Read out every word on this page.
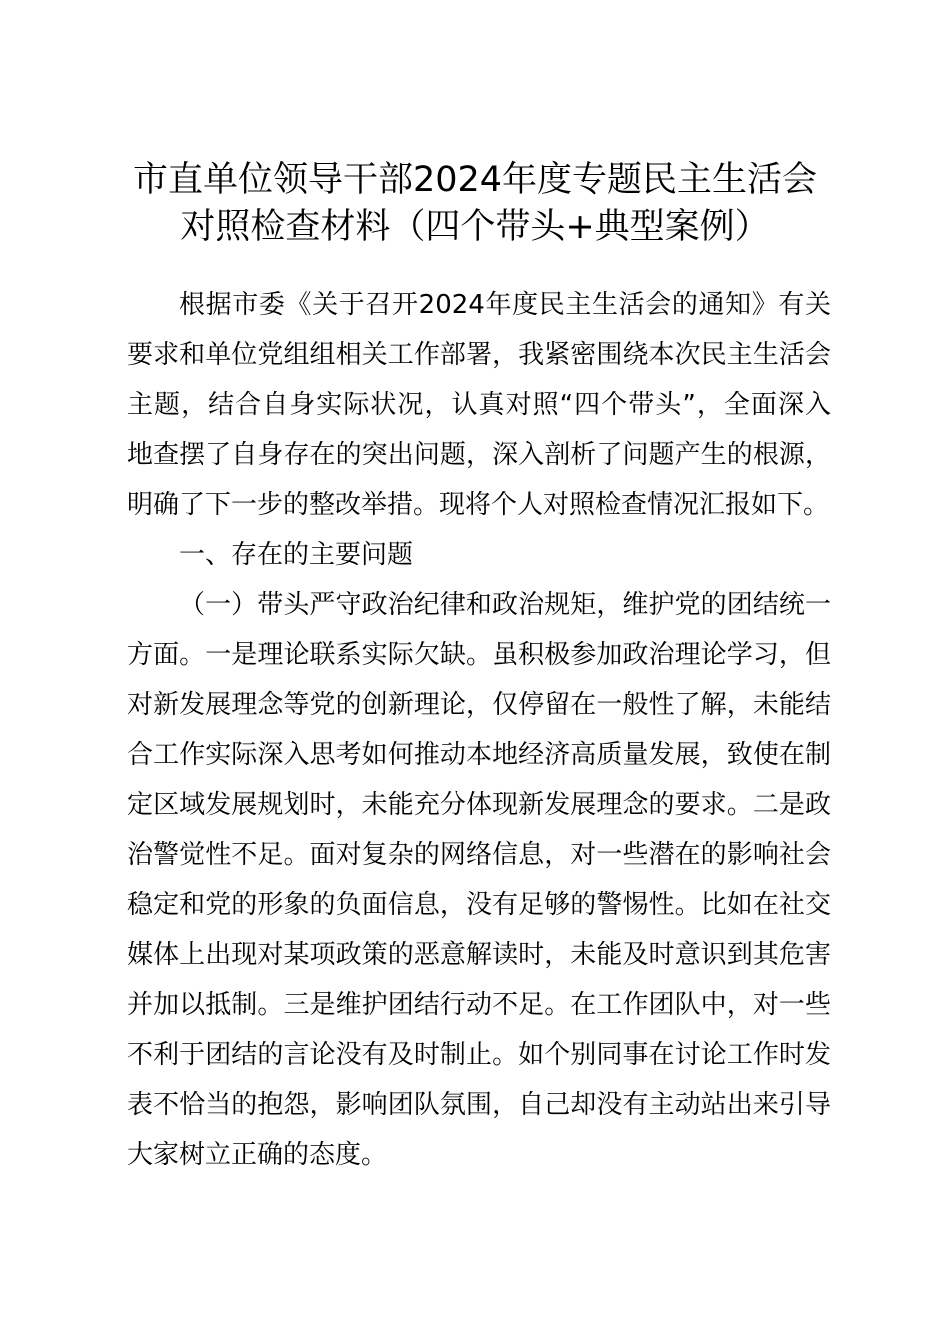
市直单位领导干部2024年度专题民主生活会
对照检查材料（四个带头+典型案例）
根据市委《关于召开2024年度民主生活会的通知》有关
要求和单位党组组相关工作部署，我紧密围绕本次民主生活会
主题，结合自身实际状况，认真对照“四个带头”，全面深入
地查摆了自身存在的突出问题，深入剖析了问题产生的根源，
明确了下一步的整改举措。现将个人对照检查情况汇报如下。
一、存在的主要问题
（一）带头严守政治纪律和政治规矩，维护党的团结统一
方面。一是理论联系实际欠缺。虽积极参加政治理论学习，但
对新发展理念等党的创新理论，仅停留在一般性了解，未能结
合工作实际深入思考如何推动本地经济高质量发展，致使在制
定区域发展规划时，未能充分体现新发展理念的要求。二是政
治警觉性不足。面对复杂的网络信息，对一些潜在的影响社会
稳定和党的形象的负面信息，没有足够的警惕性。比如在社交
媒体上出现对某项政策的恶意解读时，未能及时意识到其危害
并加以抵制。三是维护团结行动不足。在工作团队中，对一些
不利于团结的言论没有及时制止。如个别同事在讨论工作时发
表不恰当的抱怨，影响团队氛围，自己却没有主动站出来引导
大家树立正确的态度。
